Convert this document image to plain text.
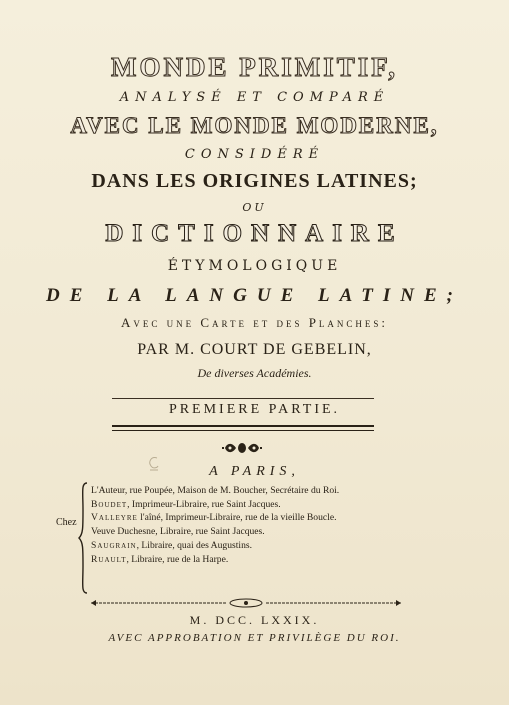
MONDE PRIMITIF,
ANALYSÉ ET COMPARÉ
AVEC LE MONDE MODERNE,
CONSIDÉRÉ
DANS LES ORIGINES LATINES;
OU
DICTIONNAIRE
ÉTYMOLOGIQUE
DE LA LANGUE LATINE;
Avec une Carte et des Planches:
PAR M. COURT DE GEBELIN,
De diverses Académies.
PREMIERE PARTIE.
A PARIS,
Chez
L'Auteur, rue Poupée, Maison de M. Boucher, Secrétaire du Roi.
Boudet, Imprimeur-Libraire, rue Saint Jacques.
Valleyre l'aîné, Imprimeur-Libraire, rue de la vieille Boucle.
Veuve Duchesne, Libraire, rue Saint Jacques.
Saugrain, Libraire, quai des Augustins.
Ruault, Libraire, rue de la Harpe.
M. DCC. LXXIX.
AVEC APPROBATION ET PRIVILÈGE DU ROI.
